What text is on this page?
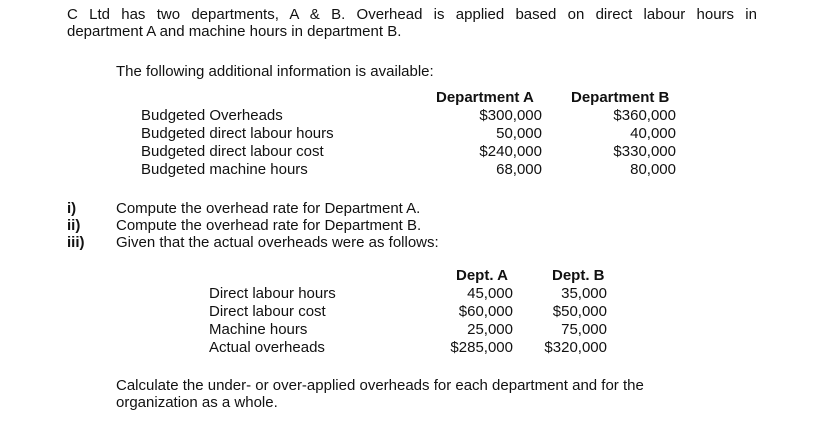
C Ltd has two departments, A & B. Overhead is applied based on direct labour hours in
department A and machine hours in department B.
The following additional information is available:
Department A Department B
Budgeted Overheads
Budgeted direct labour hours
Budgeted direct labour cost
Budgeted machine hours
$300,000
50,000
$240,000
68,000
$360,000
40,000
$330,000
80,000
i)	Compute the overhead rate for Department A.
ii) Compute the overhead rate for Department B.
iii) Given that the actual overheads were as follows:
Dept. A	Dept. B
Direct labour hours
Direct labour cost
Machine hours
Actual overheads
45,000
$60,000
25,000
$285,000
35,000
$50,000
75,000
$320,000
Calculate the under- or over-applied overheads for each department and for the
organization as a whole.
